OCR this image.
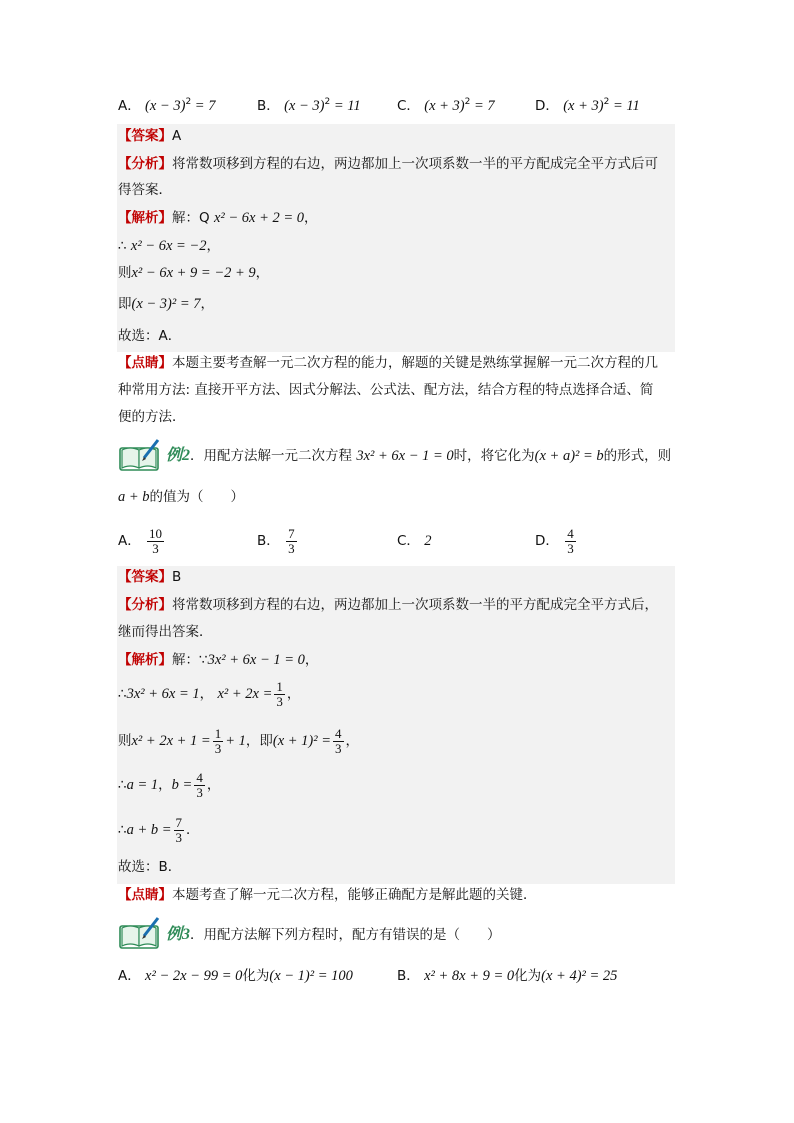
A． $(x - 3)^2 = 7$	B． $(x - 3)^2 = 11$	C． $(x + 3)^2 = 7$	D． $(x + 3)^2 = 11$
【答案】A
【分析】将常数项移到方程的右边，两边都加上一次项系数一半的平方配成完全平方式后可
得答案．
【解析】解：Q x² − 6x + 2 = 0，
∴ x² − 6x = −2，
则x² − 6x + 9 = −2 + 9，
即(x − 3)² = 7，
故选：A．
【点睛】本题主要考查解一元二次方程的能力，解题的关键是熟练掌握解一元二次方程的几
种常用方法: 直接开平方法、因式分解法、公式法、配方法，结合方程的特点选择合适、简
便的方法．
例2．用配方法解一元二次方程 3x² + 6x − 1 = 0时，将它化为(x + a)² = b的形式，则
a + b的值为（　　）
A． $\frac{10}{3}$	B． $\frac{7}{3}$	C． 2	D． $\frac{4}{3}$
【答案】B
【分析】将常数项移到方程的右边，两边都加上一次项系数一半的平方配成完全平方式后，
继而得出答案．
【解析】解：∵3x² + 6x − 1 = 0，
∴3x² + 6x = 1， $x^2 + 2x = \frac{1}{3}$ ，
则$x^2 + 2x + 1 = \frac{1}{3} + 1$，即$(x + 1)^2 = \frac{4}{3}$ ，
∴a = 1，$b = \frac{4}{3}$ ，
∴a + $b = \frac{7}{3}$ ．
故选：B．
【点睛】本题考查了解一元二次方程，能够正确配方是解此题的关键．
例3．用配方法解下列方程时，配方有错误的是（　　）
A． x² − 2x − 99 = 0化为(x − 1)² = 100	B． x² + 8x + 9 = 0化为(x + 4)² = 25
